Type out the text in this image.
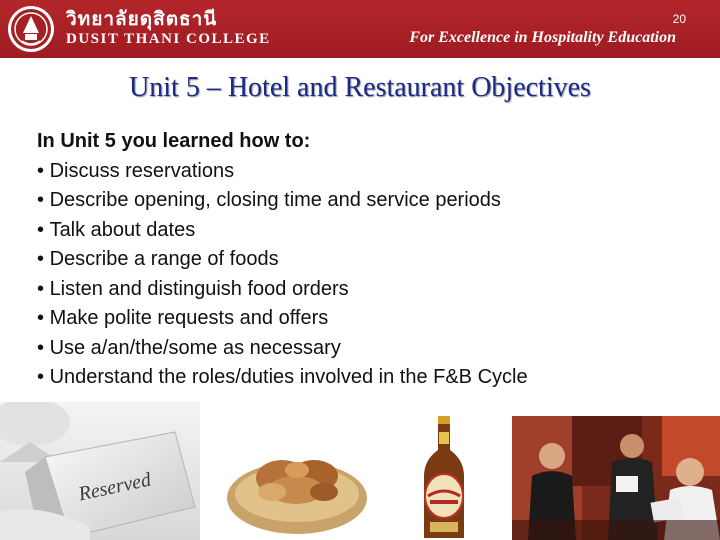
วิทยาลัยดุสิตธานี
DUSIT THANI COLLEGE	For Excellence in Hospitality Education
20
Unit 5 – Hotel and Restaurant Objectives
In Unit 5 you learned how to:
• Discuss reservations
• Describe opening, closing time and service periods
• Talk about dates
• Describe a range of foods
• Listen and distinguish food orders
• Make polite requests and offers
• Use a/an/the/some as necessary
• Understand the roles/duties involved in the F&B Cycle
Reserved
